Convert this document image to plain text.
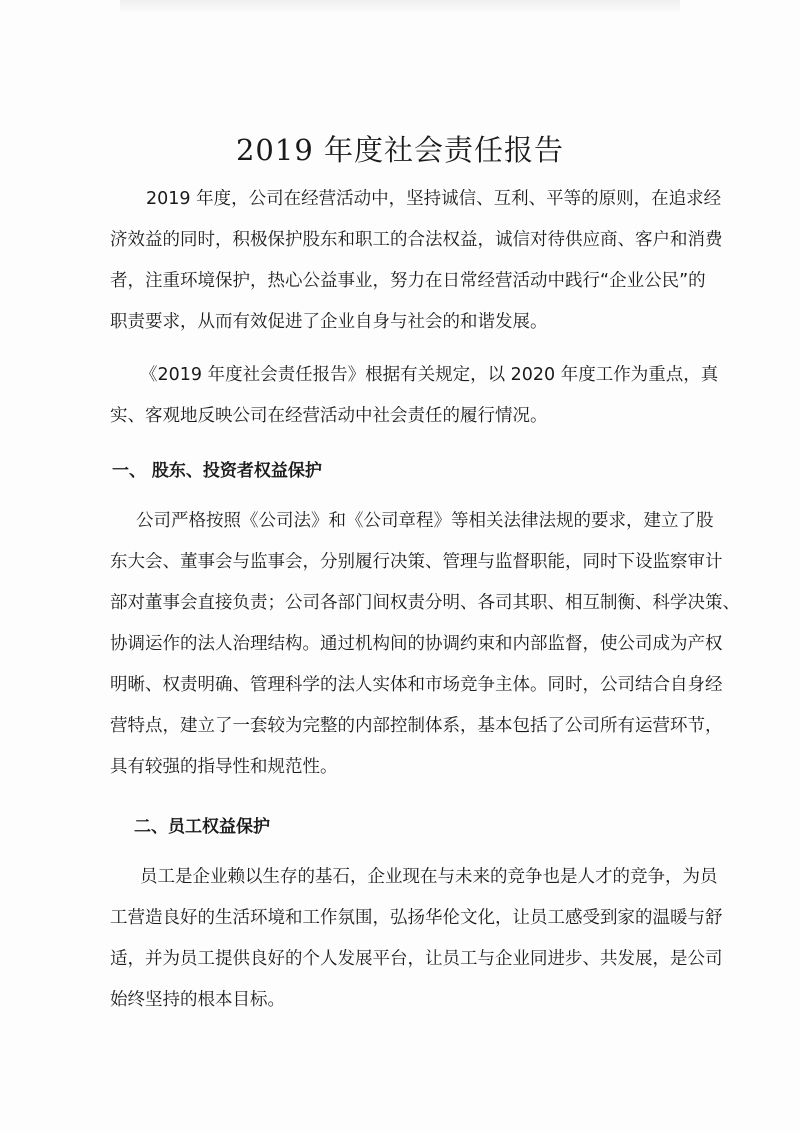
2019 年度社会责任报告
2019 年度，公司在经营活动中，坚持诚信、互利、平等的原则，在追求经
济效益的同时，积极保护股东和职工的合法权益，诚信对待供应商、客户和消费
者，注重环境保护，热心公益事业，努力在日常经营活动中践行“企业公民”的
职责要求，从而有效促进了企业自身与社会的和谐发展。
《2019 年度社会责任报告》根据有关规定，以 2020 年度工作为重点，真
实、客观地反映公司在经营活动中社会责任的履行情况。
一、 股东、投资者权益保护
公司严格按照《公司法》和《公司章程》等相关法律法规的要求，建立了股
东大会、董事会与监事会，分别履行决策、管理与监督职能，同时下设监察审计
部对董事会直接负责；公司各部门间权责分明、各司其职、相互制衡、科学决策、
协调运作的法人治理结构。通过机构间的协调约束和内部监督，使公司成为产权
明晰、权责明确、管理科学的法人实体和市场竞争主体。同时，公司结合自身经
营特点，建立了一套较为完整的内部控制体系，基本包括了公司所有运营环节，
具有较强的指导性和规范性。
二、员工权益保护
员工是企业赖以生存的基石，企业现在与未来的竞争也是人才的竞争，为员
工营造良好的生活环境和工作氛围，弘扬华伦文化，让员工感受到家的温暖与舒
适，并为员工提供良好的个人发展平台，让员工与企业同进步、共发展，是公司
始终坚持的根本目标。
